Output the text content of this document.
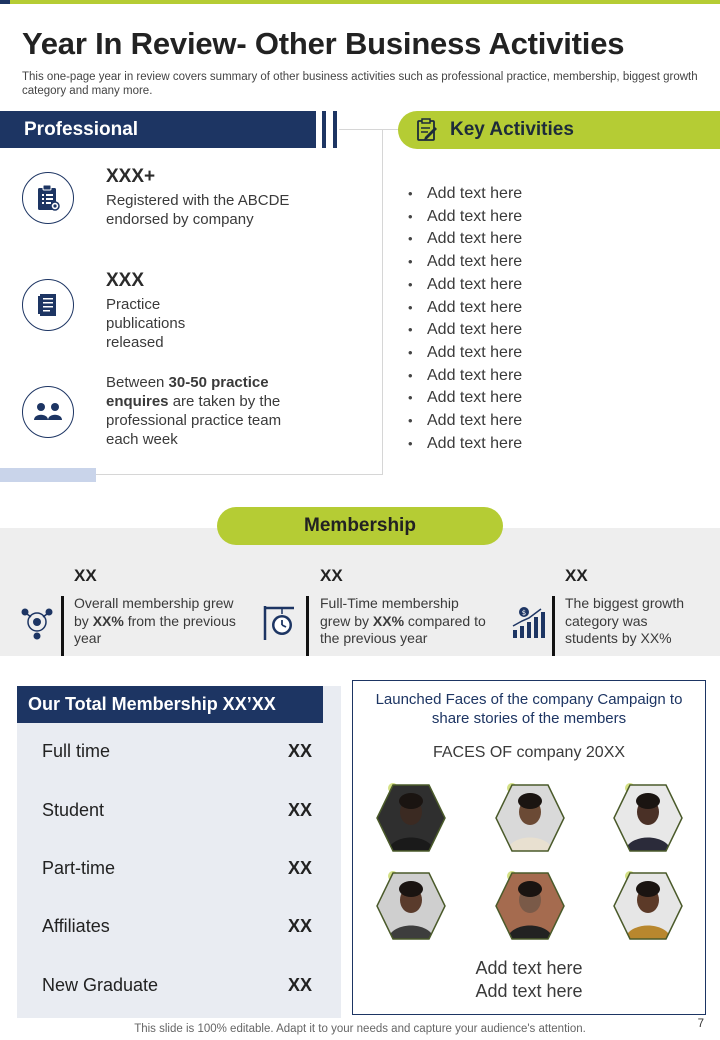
Year In Review- Other Business Activities
This one-page year in review covers summary of other business activities such as professional practice, membership, biggest growth category and many more.
Professional
XXX+
Registered with the ABCDE endorsed by company
XXX
Practice publications released
Between 30-50 practice enquires are taken by the professional practice team each week
Key Activities
• Add text here
• Add text here
• Add text here
• Add text here
• Add text here
• Add text here
• Add text here
• Add text here
• Add text here
• Add text here
• Add text here
• Add text here
Membership
XX
Overall membership grew by XX% from the previous year
XX
Full-Time membership grew by XX% compared to the previous year
$
XX
The biggest growth category was students by XX%
Our Total Membership XX’XX
Full time	XX
Student	XX
Part-time	XX
Affiliates	XX
New Graduate	XX
Launched Faces of the company Campaign to share stories of the members
FACES OF company 20XX
Add text here
Add text here
This slide is 100% editable. Adapt it to your needs and capture your audience's attention.	7
